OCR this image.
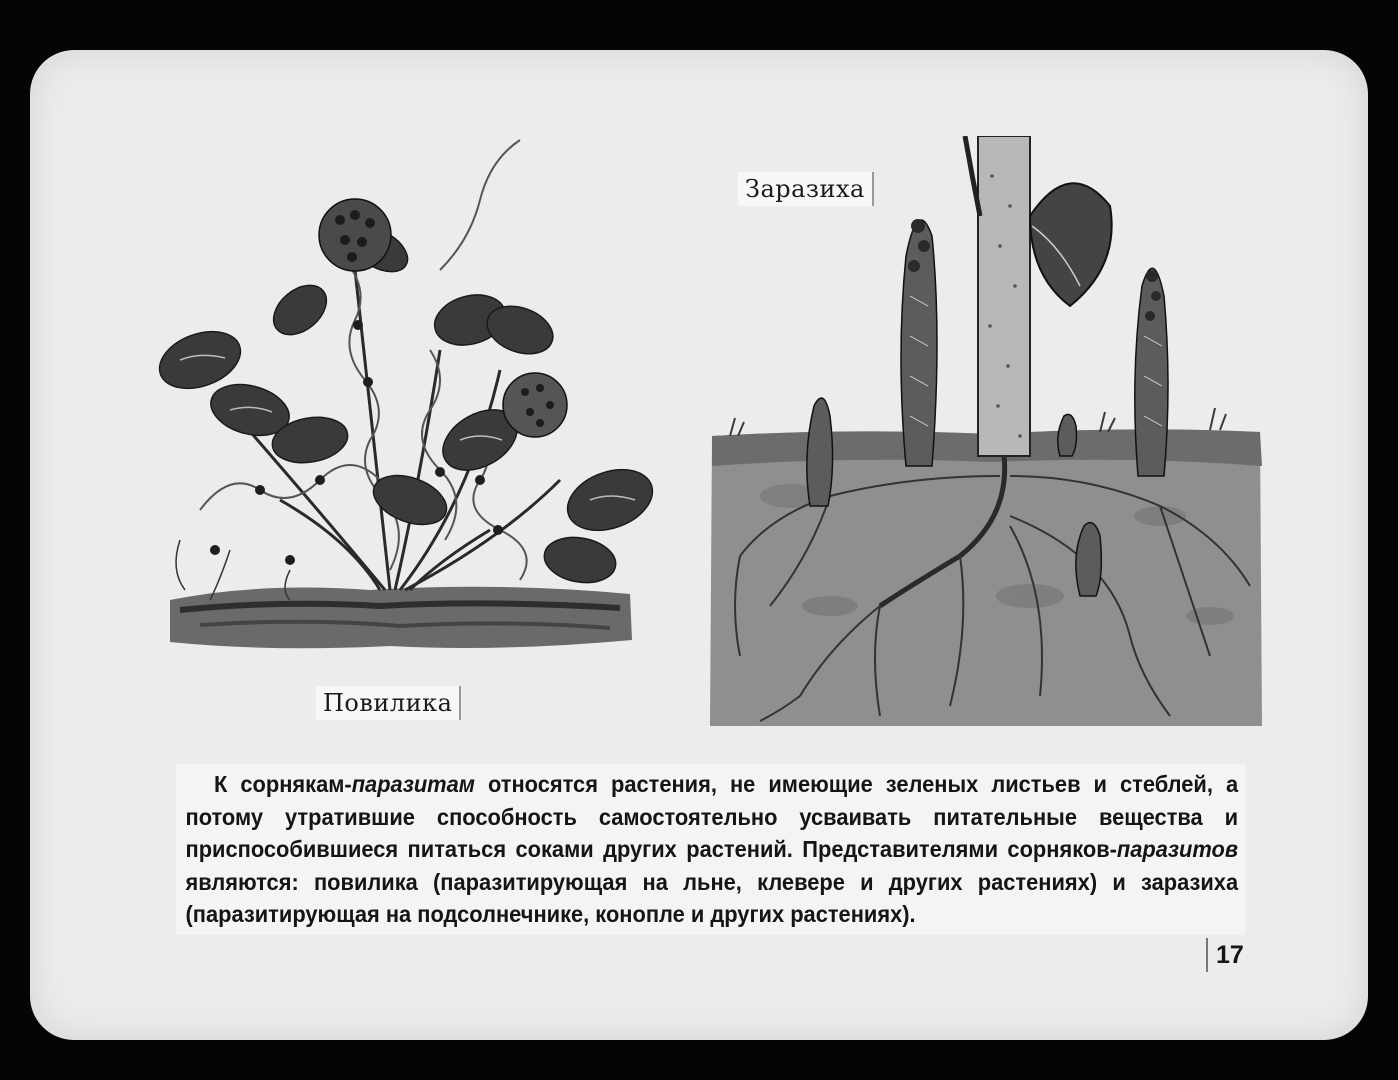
Заразиха
Повилика
К сорнякам-паразитам относятся растения, не имеющие зеленых листьев и стеблей, а потому утратившие способность самостоятельно усваивать питательные вещества и приспособившиеся питаться соками других растений. Представителями сорняков-паразитов являются: повилика (паразитирующая на льне, клевере и других растениях) и заразиха (паразитирующая на подсолнечнике, конопле и других растениях).
17
